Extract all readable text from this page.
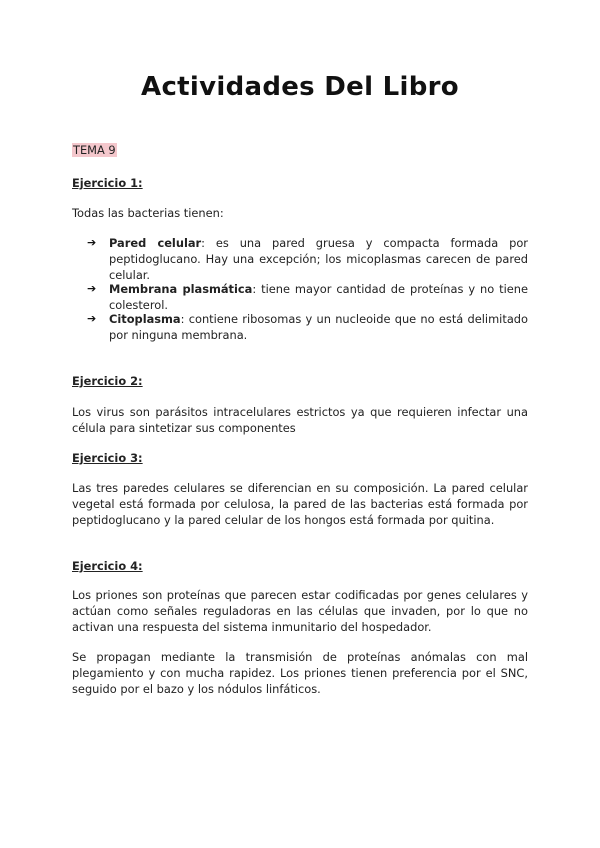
Actividades Del Libro

TEMA 9

Ejercicio 1:

Todas las bacterias tienen:

➔ Pared celular: es una pared gruesa y compacta formada por peptidoglucano. Hay una excepción; los micoplasmas carecen de pared celular.
➔ Membrana plasmática: tiene mayor cantidad de proteínas y no tiene colesterol.
➔ Citoplasma: contiene ribosomas y un nucleoide que no está delimitado por ninguna membrana.

Ejercicio 2:

Los virus son parásitos intracelulares estrictos ya que requieren infectar una célula para sintetizar sus componentes

Ejercicio 3:

Las tres paredes celulares se diferencian en su composición. La pared celular vegetal está formada por celulosa, la pared de las bacterias está formada por peptidoglucano y la pared celular de los hongos está formada por quitina.

Ejercicio 4:

Los priones son proteínas que parecen estar codificadas por genes celulares y actúan como señales reguladoras en las células que invaden, por lo que no activan una respuesta del sistema inmunitario del hospedador.

Se propagan mediante la transmisión de proteínas anómalas con mal plegamiento y con mucha rapidez. Los priones tienen preferencia por el SNC, seguido por el bazo y los nódulos linfáticos.
